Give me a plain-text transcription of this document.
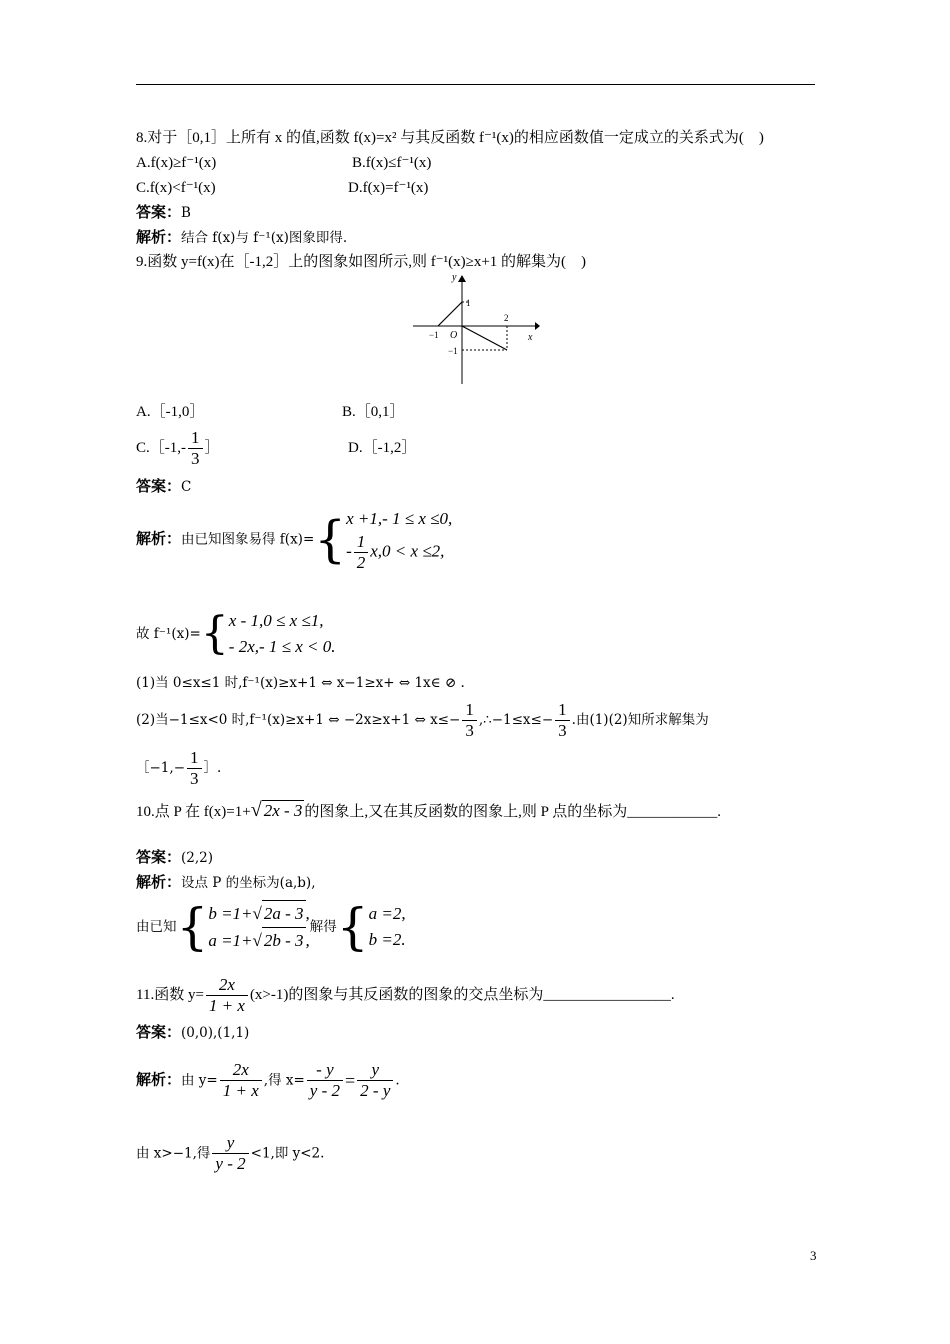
8.对于［0,1］上所有 x 的值,函数 f(x)=x² 与其反函数 f⁻¹(x)的相应函数值一定成立的关系式为(　)
A.f(x)≥f⁻¹(x)	B.f(x)≤f⁻¹(x)
C.f(x)<f⁻¹(x)	D.f(x)=f⁻¹(x)
答案：B
解析：结合 f(x)与 f⁻¹(x)图象即得.
9.函数 y=f(x)在［-1,2］上的图象如图所示,则 f⁻¹(x)≥x+1 的解集为(　)
y
x
O
−1
1
2
−1
A.［-1,0］	B.［0,1］
C.［-1,- $\frac{1}{3}$ ］	D.［-1,2］
答案：C
解析：由已知图象易得 f(x)={ x +1,- 1 ≤ x ≤0,
- $\frac{1}{2} x,0 < x \le 2$,
故 f⁻¹(x)={ x - 1,0 ≤ x ≤1,
- 2x,- 1 ≤ x < 0.
(1)当 0≤x≤1 时,f⁻¹(x)≥x+1 ⇔ x−1≥x+ ⇔ 1x∈ ⊘ .
(2)当−1≤x<0 时,f⁻¹(x)≥x+1 ⇔ −2x≥x+1 ⇔ $x\le- \frac{1}{3}$ ,∴−1≤x≤− $\frac{1}{3}$ .由(1)(2)知所求解集为
［−1,− $\frac{1}{3}$ ］.
10.点 P 在 f(x)=1+√ 2x - 3 的图象上,又在其反函数的图象上,则 P 点的坐标为____________.
答案：(2,2)
解析：设点 P 的坐标为(a,b),
由已知{ b =1+√ 2a - 3 ,
a =1+√ 2b - 3 ,
解得{ a =2,
b =2.
11.函数 $y= \frac{2x}{1 + x} (x>-1)$的图象与其反函数的图象的交点坐标为_________________.
答案：(0,0),(1,1)
解析：由 $y= \frac{2x}{1 + x}$ ,得 $x= \frac{- y}{y - 2} = \frac{y}{2 - y}$ .
由 x>−1,得 $\frac{y}{y - 2} <1$,即 y<2.
3
